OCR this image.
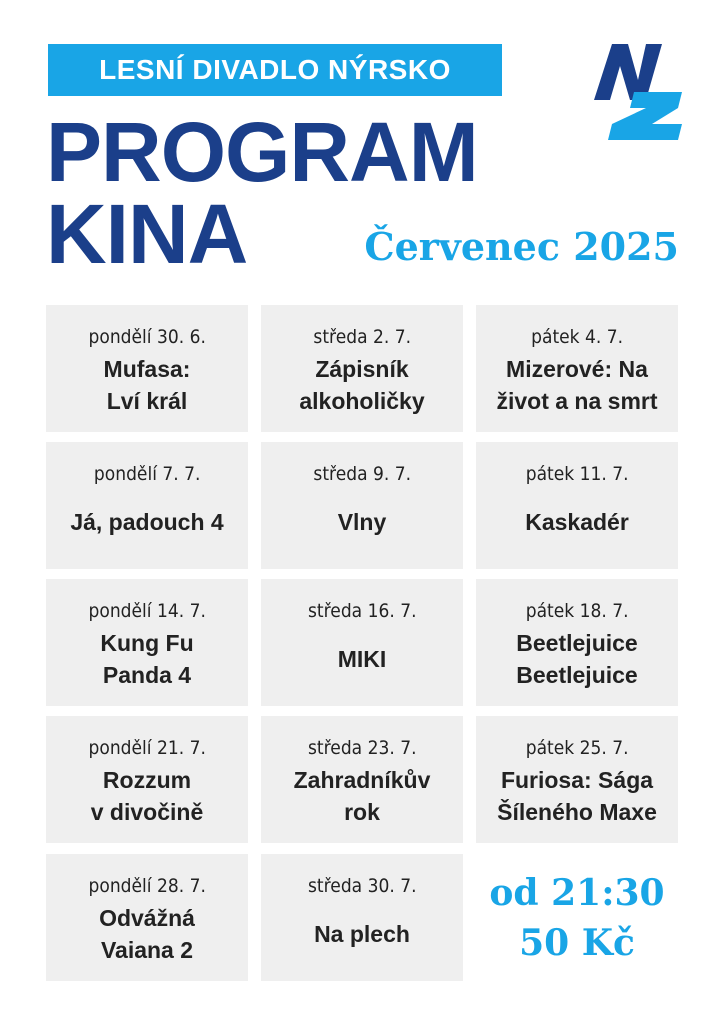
LESNÍ DIVADLO NÝRSKO
PROGRAM
KINA	Červenec 2025
pondělí 30. 6.
Mufasa:
Lví král
středa 2. 7.
Zápisník
alkoholičky
pátek 4. 7.
Mizerové: Na
život a na smrt
pondělí 7. 7.
Já, padouch 4
středa 9. 7.
Vlny
pátek 11. 7.
Kaskadér
pondělí 14. 7.
Kung Fu
Panda 4
středa 16. 7.
MIKI
pátek 18. 7.
Beetlejuice
Beetlejuice
pondělí 21. 7.
Rozzum
v divočině
středa 23. 7.
Zahradníkův
rok
pátek 25. 7.
Furiosa: Sága
Šíleného Maxe
pondělí 28. 7.
Odvážná
Vaiana 2
středa 30. 7.
Na plech
od 21:30
50 Kč
